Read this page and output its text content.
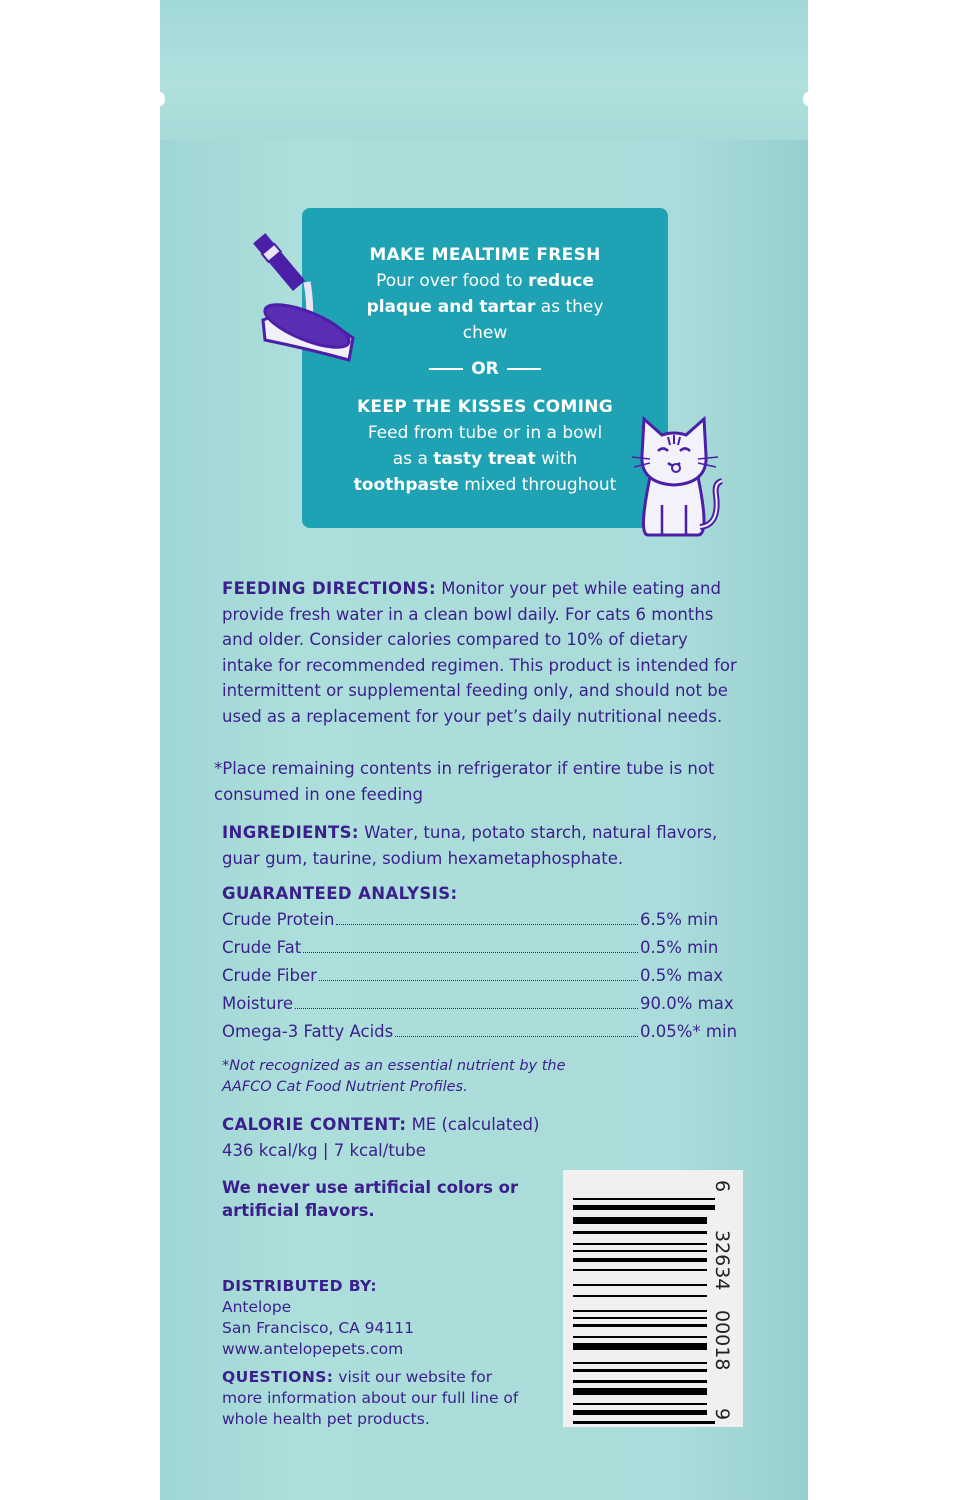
MAKE MEALTIME FRESH
Pour over food to reduce
plaque and tartar as they
chew
OR
KEEP THE KISSES COMING
Feed from tube or in a bowl
as a tasty treat with
toothpaste mixed throughout
FEEDING DIRECTIONS: Monitor your pet while eating and provide fresh water in a clean bowl daily. For cats 6 months and older. Consider calories compared to 10% of dietary intake for recommended regimen. This product is intended for intermittent or supplemental feeding only, and should not be used as a replacement for your pet’s daily nutritional needs.
*Place remaining contents in refrigerator if entire tube is not consumed in one feeding
INGREDIENTS: Water, tuna, potato starch, natural flavors, guar gum, taurine, sodium hexametaphosphate.
GUARANTEED ANALYSIS:
Crude Protein	6.5% min
Crude Fat	0.5% min
Crude Fiber	0.5% max
Moisture	90.0% max
Omega-3 Fatty Acids	0.05%* min
*Not recognized as an essential nutrient by the AAFCO Cat Food Nutrient Profiles.
CALORIE CONTENT: ME (calculated)
436 kcal/kg | 7 kcal/tube
We never use artificial colors or artificial flavors.
DISTRIBUTED BY:
Antelope
San Francisco, CA 94111
www.antelopepets.com
QUESTIONS: visit our website for more information about our full line of whole health pet products.
6
32634
00018
9
